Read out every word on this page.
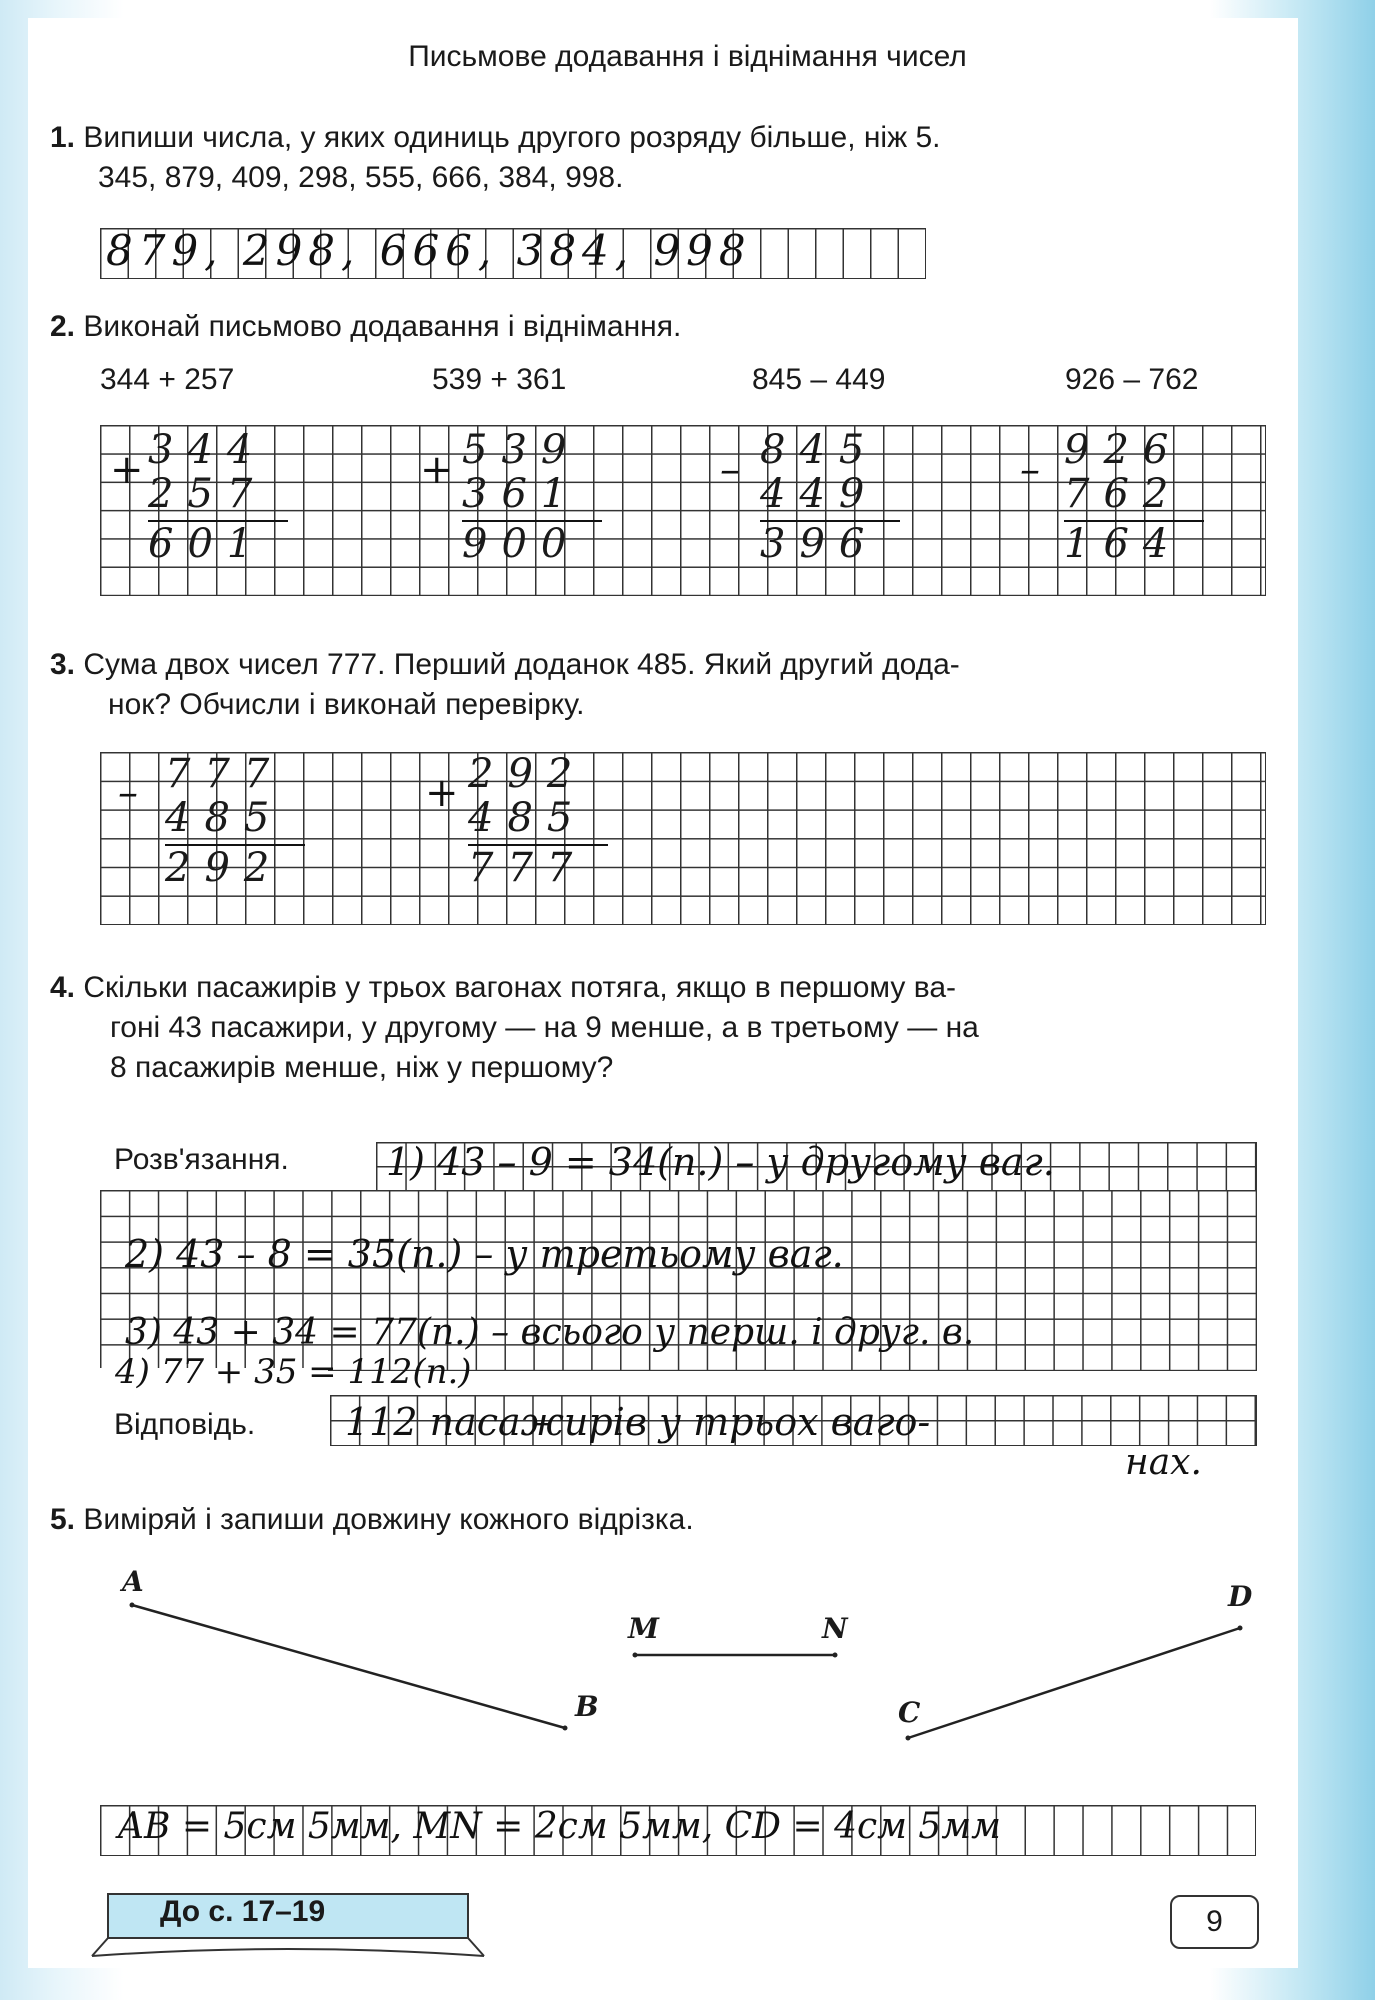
Письмове додавання і віднімання чисел
1. Випиши числа, у яких одиниць другого розряду більше, ніж 5.
345, 879, 409, 298, 555, 666, 384, 998.
879, 298, 666, 384, 998
2. Виконай письмово додавання і віднімання.
344 + 257	539 + 361	845 – 449	926 – 762
+ 344
257
601
+ 539
361
900
– 845
449
396
– 926
762
164
3. Сума двох чисел 777. Перший доданок 485. Який другий дода-
нок? Обчисли і виконай перевірку.
– 777
485
292
+ 292
485
777
4. Скільки пасажирів у трьох вагонах потяга, якщо в першому ва-
гоні 43 пасажири, у другому — на 9 менше, а в третьому — на
8 пасажирів менше, ніж у першому?
Розв'язання.
Відповідь.
1) 43 – 9 = 34(п.) – у другому ваг.
2) 43 – 8 = 35(п.) – у третьому ваг.
3) 43 + 34 = 77(п.) – всього у перш. і друг. в.
4) 77 + 35 = 112(п.)
112 пасажирів у трьох ваго-
нах.
5. Виміряй і запиши довжину кожного відрізка.
A
B
M	N
C
D
AB = 5см 5мм, MN = 2см 5мм, CD = 4см 5мм
До с. 17–19	9
